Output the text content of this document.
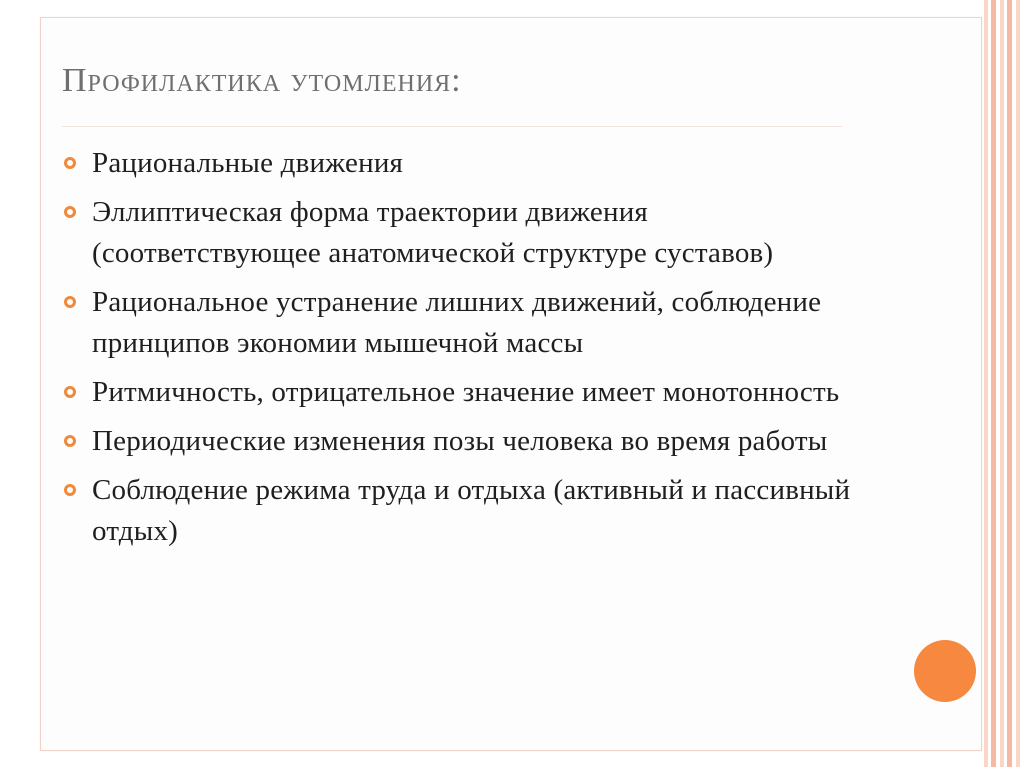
Профилактика утомления:
Рациональные движения
Эллиптическая форма траектории движения (соответствующее анатомической структуре суставов)
Рациональное устранение лишних движений, соблюдение принципов экономии мышечной массы
Ритмичность, отрицательное значение имеет монотонность
Периодические изменения позы человека во время работы
Соблюдение режима труда и отдыха (активный и пассивный отдых)
